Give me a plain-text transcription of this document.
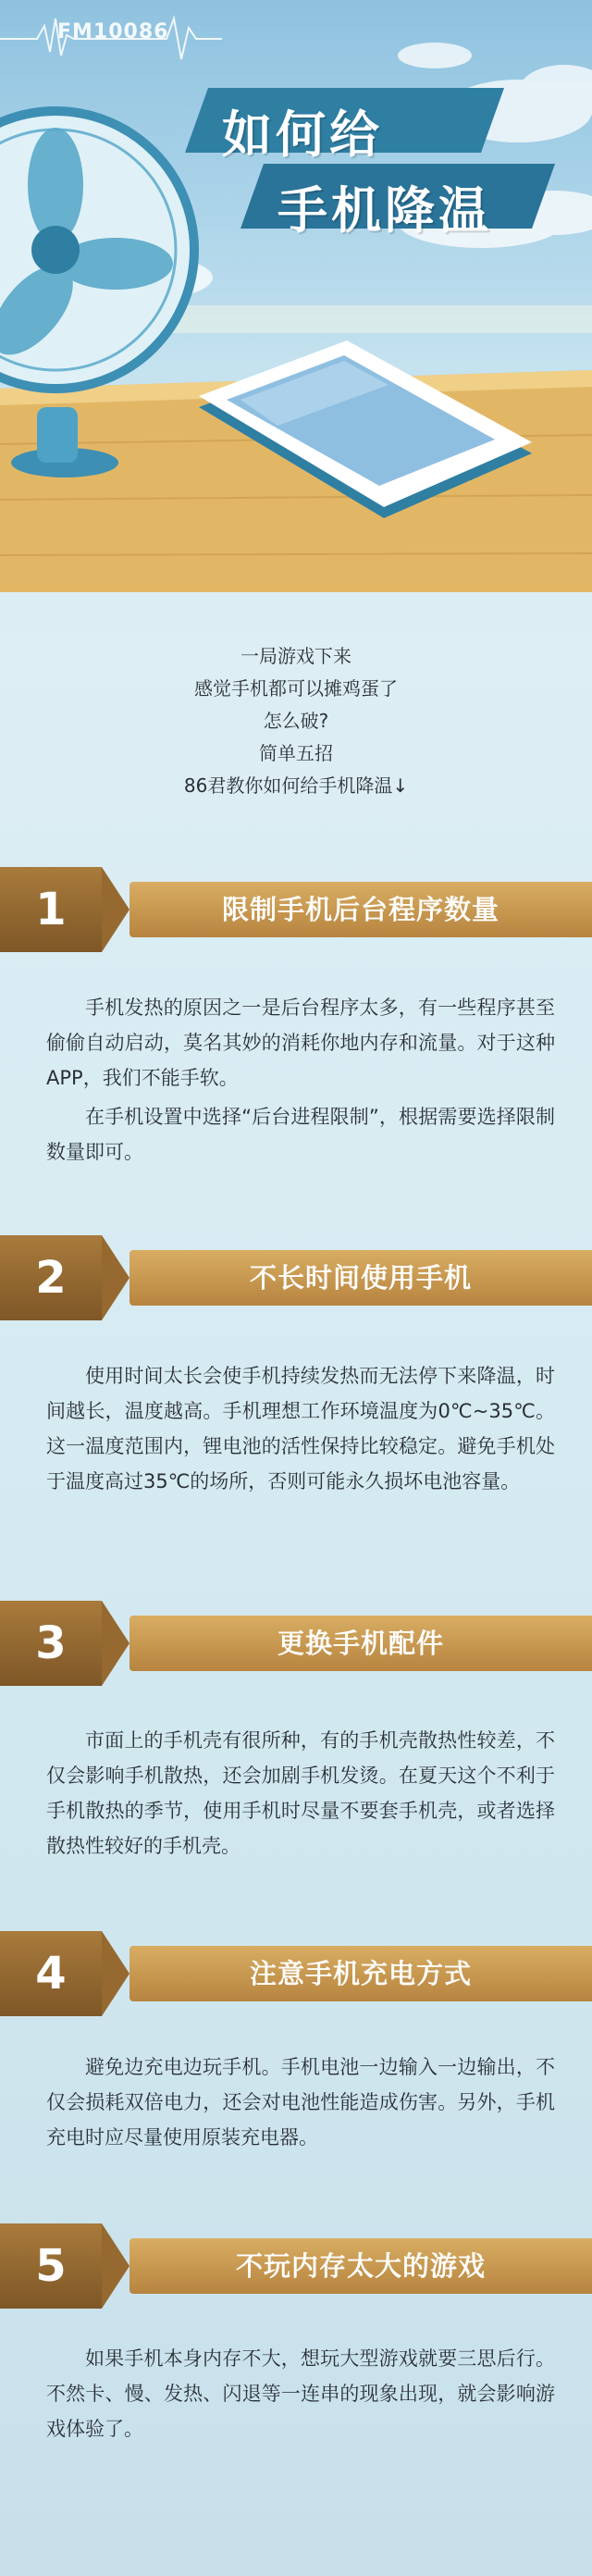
FM10086
如何给
手机降温
一局游戏下来
感觉手机都可以摊鸡蛋了
怎么破?
简单五招
86君教你如何给手机降温↓
1	限制手机后台程序数量

手机发热的原因之一是后台程序太多，有一些程序甚至偷偷自动启动，莫名其妙的消耗你地内存和流量。对于这种APP，我们不能手软。

在手机设置中选择“后台进程限制”，根据需要选择限制数量即可。

2	不长时间使用手机

使用时间太长会使手机持续发热而无法停下来降温，时间越长，温度越高。手机理想工作环境温度为0℃~35℃。这一温度范围内，锂电池的活性保持比较稳定。避免手机处于温度高过35℃的场所，否则可能永久损坏电池容量。

3	更换手机配件

市面上的手机壳有很所种，有的手机壳散热性较差，不仅会影响手机散热，还会加剧手机发烫。在夏天这个不利于手机散热的季节，使用手机时尽量不要套手机壳，或者选择散热性较好的手机壳。

4	注意手机充电方式

避免边充电边玩手机。手机电池一边输入一边输出，不仅会损耗双倍电力，还会对电池性能造成伤害。另外，手机充电时应尽量使用原装充电器。

5	不玩内存太大的游戏

如果手机本身内存不大，想玩大型游戏就要三思后行。不然卡、慢、发热、闪退等一连串的现象出现，就会影响游戏体验了。
